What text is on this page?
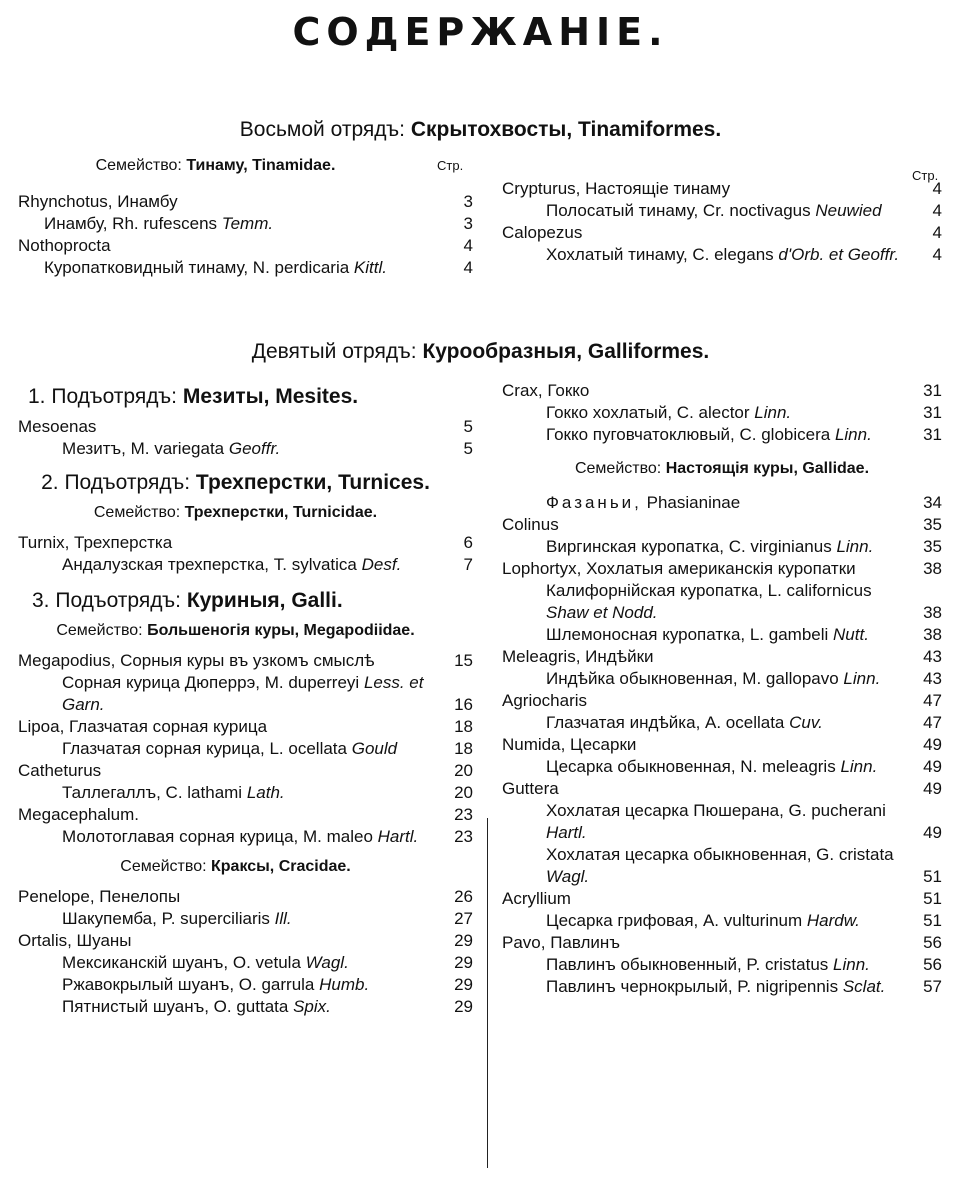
СОДЕРЖАНІЕ.
Восьмой отрядъ: Скрытохвосты, Tinamiformes.
Семейство: Тинаму, Tinamidae.
Rhynchotus, Инамбу	3
Инамбу, Rh. rufescens Temm.	3
Nothoprocta	4
Куропатковидный тинаму, N. perdicaria Kittl.	4
Стр.
Crypturus, Настоящіе тинаму	4
Полосатый тинаму, Cr. noctivagus Neuwied	4
Calopezus	4
Хохлатый тинаму, C. elegans d'Orb. et Geoffr.	4
Стр.
Девятый отрядъ: Курообразныя, Galliformes.
1. Подъотрядъ: Мезиты, Mesites.
Mesoenas	5
Мезитъ, M. variegata Geoffr.	5
2. Подъотрядъ: Трехперстки, Turnices.
Семейство: Трехперстки, Turnicidae.
Turnix, Трехперстка	6
Андалузская трехперстка, T. sylvatica Desf.	7
3. Подъотрядъ: Куриныя, Galli.
Семейство: Большеногія куры, Megapodiidae.
Megapodius, Сорныя куры въ узкомъ смыслѣ	15
Сорная курица Дюперрэ, M. duperreyi Less. et Garn.	16
Lipoa, Глазчатая сорная курица	18
Глазчатая сорная курица, L. ocellata Gould	18
Catheturus	20
Таллегаллъ, C. lathami Lath.	20
Megacephalum.	23
Молотоглавая сорная курица, M. maleo Hartl.	23
Семейство: Краксы, Cracidae.
Penelope, Пенелопы	26
Шакупемба, P. superciliaris Ill.	27
Ortalis, Шуаны	29
Мексиканскій шуанъ, O. vetula Wagl.	29
Ржавокрылый шуанъ, O. garrula Humb.	29
Пятнистый шуанъ, O. guttata Spix.	29
Crax, Гокко	31
Гокко хохлатый, C. alector Linn.	31
Гокко пуговчатоклювый, C. globicera Linn.	31
Семейство: Настоящія куры, Gallidae.
Фазаньи, Phasianinae	34
Colinus	35
Виргинская куропатка, C. virginianus Linn.	35
Lophortyx, Хохлатыя американскія куропатки	38
Калифорнійская куропатка, L. californicus Shaw et Nodd.	38
Шлемоносная куропатка, L. gambeli Nutt.	38
Meleagris, Индѣйки	43
Индѣйка обыкновенная, M. gallopavo Linn.	43
Agriocharis	47
Глазчатая индѣйка, A. ocellata Cuv.	47
Numida, Цесарки	49
Цесарка обыкновенная, N. meleagris Linn.	49
Guttera	49
Хохлатая цесарка Пюшерана, G. pucherani Hartl.	49
Хохлатая цесарка обыкновенная, G. cristata Wagl.	51
Acryllium	51
Цесарка грифовая, A. vulturinum Hardw.	51
Pavo, Павлинъ	56
Павлинъ обыкновенный, P. cristatus Linn.	56
Павлинъ чернокрылый, P. nigripennis Sclat.	57
